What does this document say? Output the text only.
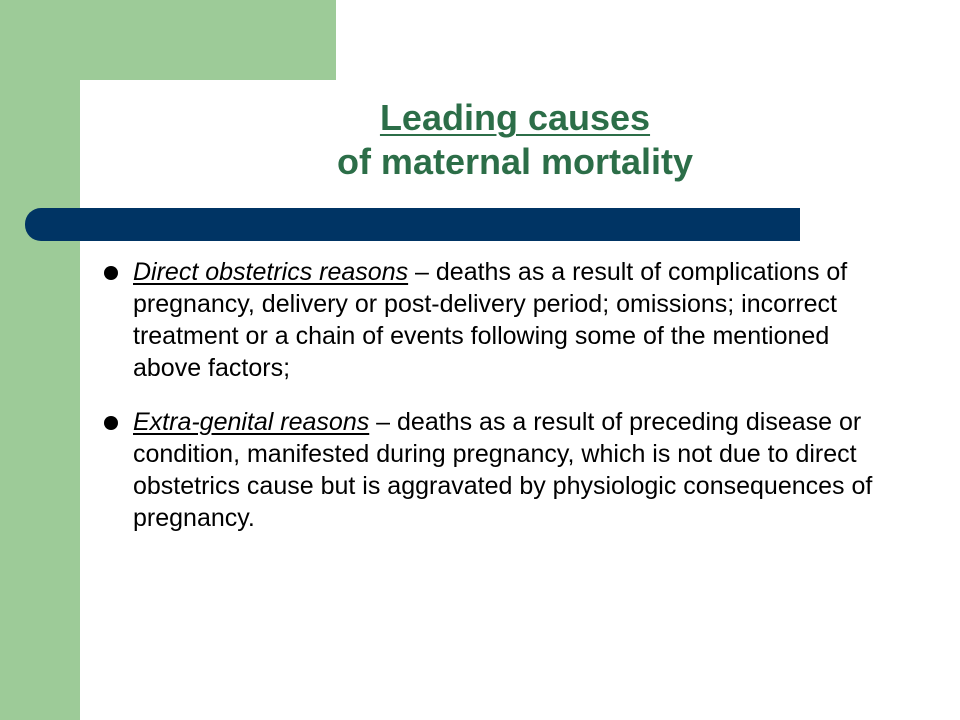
Leading causes
of maternal mortality
Direct obstetrics reasons – deaths as a result of complications of pregnancy, delivery or post-delivery period; omissions; incorrect treatment or a chain of events following some of the mentioned above factors;
Extra-genital reasons – deaths as a result of preceding disease or condition, manifested during pregnancy, which is not due to direct obstetrics cause but is aggravated by physiologic consequences of pregnancy.
